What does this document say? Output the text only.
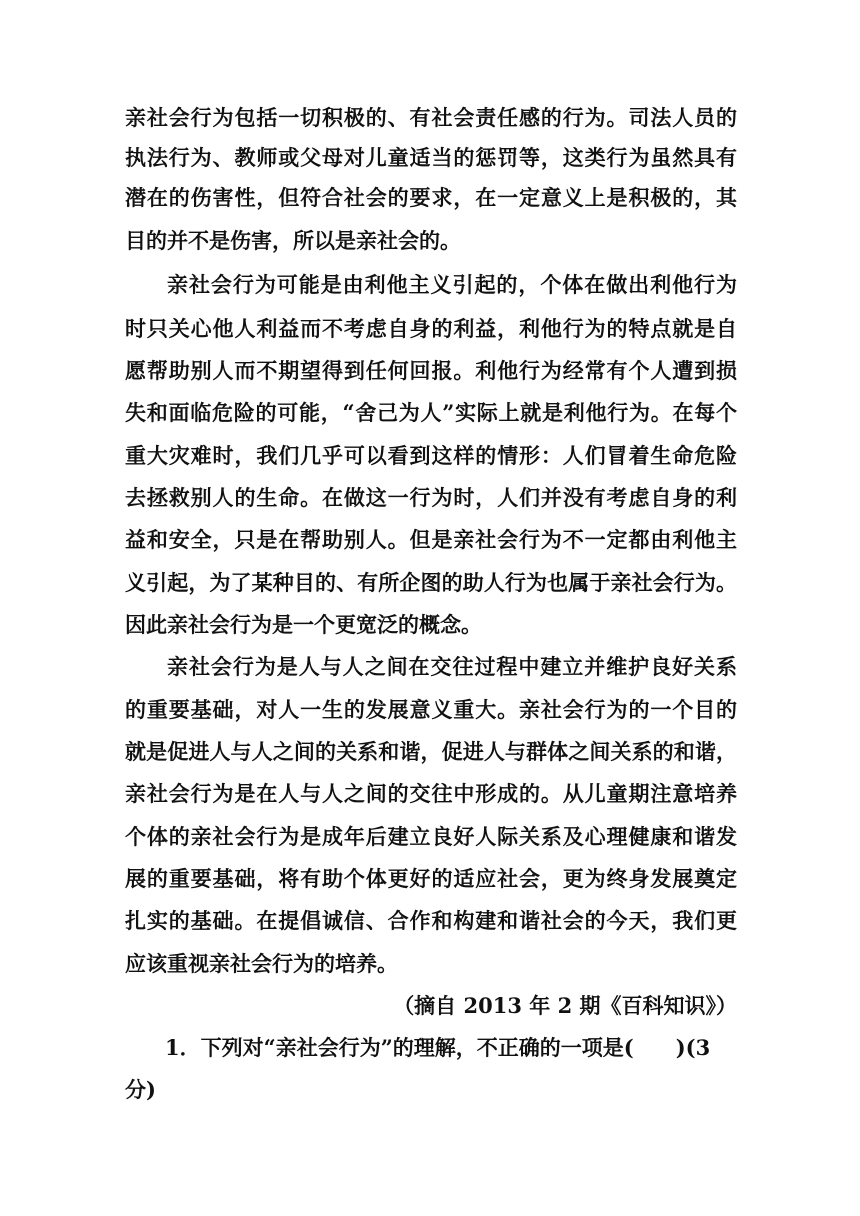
亲社会行为包括一切积极的、有社会责任感的行为。司法人员的
执法行为、教师或父母对儿童适当的惩罚等，这类行为虽然具有
潜在的伤害性，但符合社会的要求，在一定意义上是积极的，其
目的并不是伤害，所以是亲社会的。
亲社会行为可能是由利他主义引起的，个体在做出利他行为
时只关心他人利益而不考虑自身的利益，利他行为的特点就是自
愿帮助别人而不期望得到任何回报。利他行为经常有个人遭到损
失和面临危险的可能，“舍己为人”实际上就是利他行为。在每个
重大灾难时，我们几乎可以看到这样的情形：人们冒着生命危险
去拯救别人的生命。在做这一行为时，人们并没有考虑自身的利
益和安全，只是在帮助别人。但是亲社会行为不一定都由利他主
义引起，为了某种目的、有所企图的助人行为也属于亲社会行为。
因此亲社会行为是一个更宽泛的概念。
亲社会行为是人与人之间在交往过程中建立并维护良好关系
的重要基础，对人一生的发展意义重大。亲社会行为的一个目的
就是促进人与人之间的关系和谐，促进人与群体之间关系的和谐，
亲社会行为是在人与人之间的交往中形成的。从儿童期注意培养
个体的亲社会行为是成年后建立良好人际关系及心理健康和谐发
展的重要基础，将有助个体更好的适应社会，更为终身发展奠定
扎实的基础。在提倡诚信、合作和构建和谐社会的今天，我们更
应该重视亲社会行为的培养。
（摘自 2013 年 2 期《百科知识》）
1．下列对“亲社会行为”的理解，不正确的一项是(　　)(3
分)
